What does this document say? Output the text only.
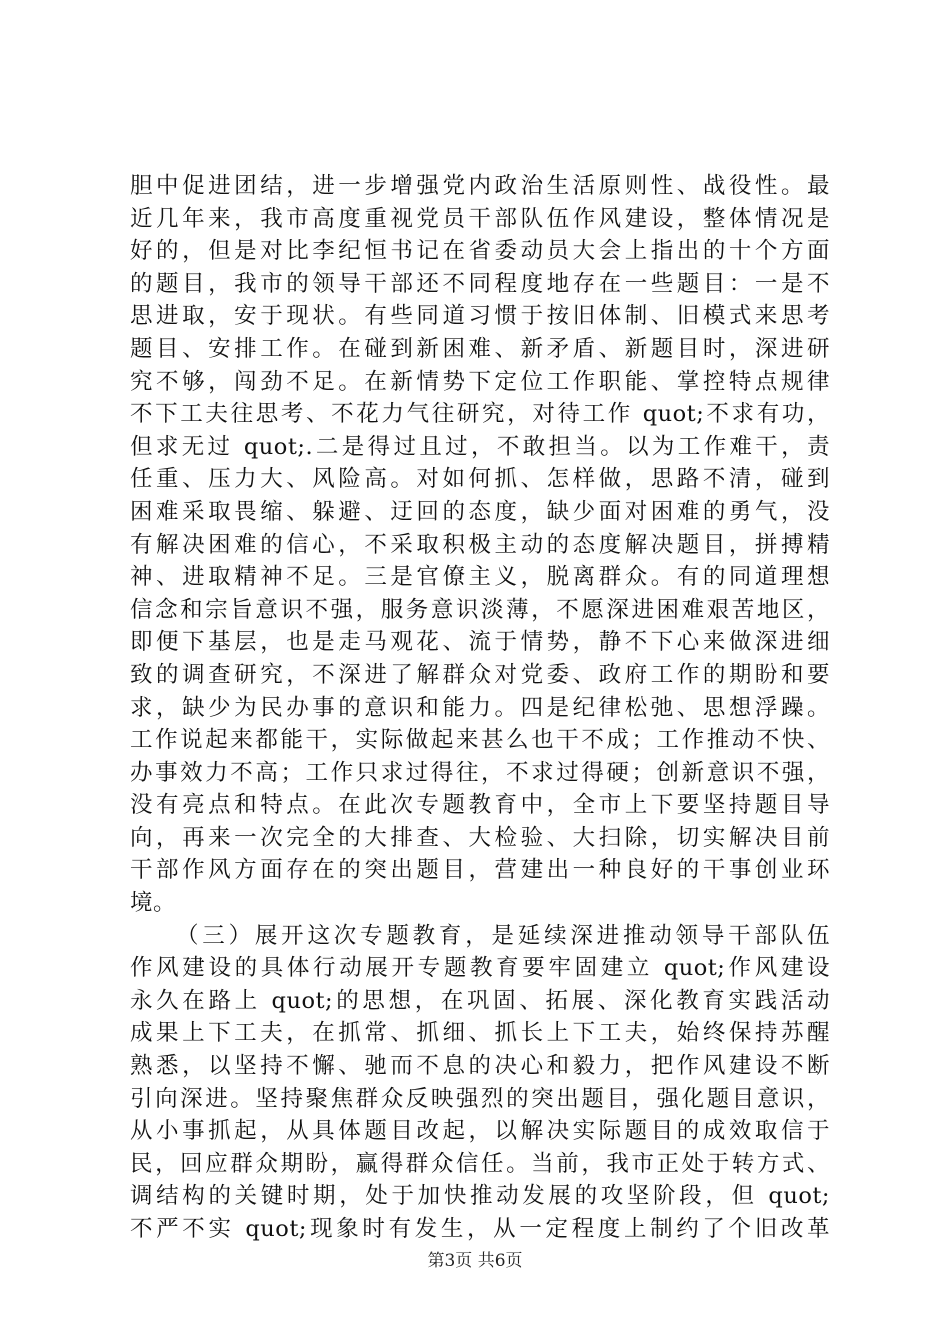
胆中促进团结，进一步增强党内政治生活原则性、战役性。最
近几年来，我市高度重视党员干部队伍作风建设，整体情况是
好的，但是对比李纪恒书记在省委动员大会上指出的十个方面
的题目，我市的领导干部还不同程度地存在一些题目：一是不
思进取，安于现状。有些同道习惯于按旧体制、旧模式来思考
题目、安排工作。在碰到新困难、新矛盾、新题目时，深进研
究不够，闯劲不足。在新情势下定位工作职能、掌控特点规律
不下工夫往思考、不花力气往研究，对待工作 quot;不求有功，
但求无过 quot;.二是得过且过，不敢担当。以为工作难干，责
任重、压力大、风险高。对如何抓、怎样做，思路不清，碰到
困难采取畏缩、躲避、迂回的态度，缺少面对困难的勇气，没
有解决困难的信心，不采取积极主动的态度解决题目，拼搏精
神、进取精神不足。三是官僚主义，脱离群众。有的同道理想
信念和宗旨意识不强，服务意识淡薄，不愿深进困难艰苦地区，
即便下基层，也是走马观花、流于情势，静不下心来做深进细
致的调查研究，不深进了解群众对党委、政府工作的期盼和要
求，缺少为民办事的意识和能力。四是纪律松弛、思想浮躁。
工作说起来都能干，实际做起来甚么也干不成；工作推动不快、
办事效力不高；工作只求过得往，不求过得硬；创新意识不强，
没有亮点和特点。在此次专题教育中，全市上下要坚持题目导
向，再来一次完全的大排查、大检验、大扫除，切实解决目前
干部作风方面存在的突出题目，营建出一种良好的干事创业环
境。
（三）展开这次专题教育，是延续深进推动领导干部队伍
作风建设的具体行动展开专题教育要牢固建立 quot;作风建设
永久在路上 quot;的思想，在巩固、拓展、深化教育实践活动
成果上下工夫，在抓常、抓细、抓长上下工夫，始终保持苏醒
熟悉，以坚持不懈、驰而不息的决心和毅力，把作风建设不断
引向深进。坚持聚焦群众反映强烈的突出题目，强化题目意识，
从小事抓起，从具体题目改起，以解决实际题目的成效取信于
民，回应群众期盼，赢得群众信任。当前，我市正处于转方式、
调结构的关键时期，处于加快推动发展的攻坚阶段，但 quot;
不严不实 quot;现象时有发生，从一定程度上制约了个旧改革
第3页 共6页
